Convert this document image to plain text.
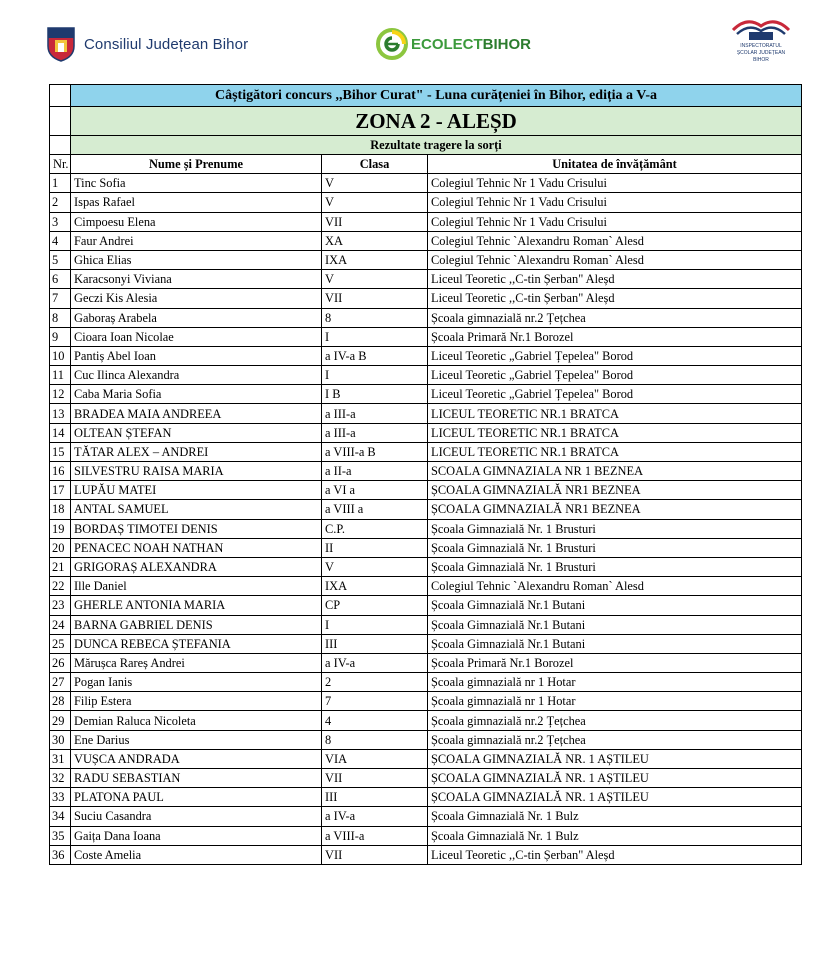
Consiliul Județean Bihor	ECOLECTBIHOR	INSPECTORATUL
ȘCOLAR JUDEȚEAN
BIHOR
	Câștigători concurs ,,Bihor Curat" - Luna curățeniei în Bihor, ediția a V-a		
	ZONA 2 - ALEȘD		
	Rezultate tragere la sorți		
Nr.	Nume și Prenume	Clasa	Unitatea de învățământ
1	Tinc Sofia	V	Colegiul Tehnic Nr 1 Vadu Crisului
2	Ispas Rafael	V	Colegiul Tehnic Nr 1 Vadu Crisului
3	Cimpoesu Elena	VII	Colegiul Tehnic Nr 1 Vadu Crisului
4	Faur Andrei	XA	Colegiul Tehnic `Alexandru Roman` Alesd
5	Ghica Elias	IXA	Colegiul Tehnic `Alexandru Roman` Alesd
6	Karacsonyi Viviana	V	Liceul Teoretic ,,C-tin Șerban" Aleșd
7	Geczi Kis Alesia	VII	Liceul Teoretic ,,C-tin Șerban" Aleșd
8	Gaboraș Arabela	8	Școala gimnazială nr.2 Țețchea
9	Cioara Ioan Nicolae	I	Școala Primară Nr.1 Borozel
10	Pantiș Abel Ioan	a IV-a B	Liceul Teoretic „Gabriel Țepelea" Borod
11	Cuc Ilinca Alexandra	I	Liceul Teoretic „Gabriel Țepelea" Borod
12	Caba Maria Sofia	I B	Liceul Teoretic „Gabriel Țepelea" Borod
13	BRADEA MAIA ANDREEA	a III-a	LICEUL TEORETIC NR.1 BRATCA
14	OLTEAN ȘTEFAN	a III-a	LICEUL TEORETIC NR.1 BRATCA
15	TĂTAR ALEX – ANDREI	a VIII-a B	LICEUL TEORETIC NR.1 BRATCA
16	SILVESTRU RAISA MARIA	a II-a	SCOALA GIMNAZIALA NR 1 BEZNEA
17	LUPĂU MATEI	a VI a	ȘCOALA GIMNAZIALĂ NR1 BEZNEA
18	ANTAL SAMUEL	a VIII a	ȘCOALA GIMNAZIALĂ NR1 BEZNEA
19	BORDAȘ TIMOTEI DENIS	C.P.	Școala Gimnazială Nr. 1 Brusturi
20	PENACEC NOAH NATHAN	II	Școala Gimnazială Nr. 1 Brusturi
21	GRIGORAȘ ALEXANDRA	V	Școala Gimnazială Nr. 1 Brusturi
22	Ille Daniel	IXA	Colegiul Tehnic `Alexandru Roman` Alesd
23	GHERLE ANTONIA MARIA	CP	Școala Gimnazială Nr.1 Butani
24	BARNA GABRIEL DENIS	I	Școala Gimnazială Nr.1 Butani
25	DUNCA REBECA ȘTEFANIA	III	Școala Gimnazială Nr.1 Butani
26	Mărușca Rareș Andrei	a IV-a	Școala Primară Nr.1 Borozel
27	Pogan Ianis	2	Școala gimnazială nr 1 Hotar
28	Filip Estera	7	Școala gimnazială nr 1 Hotar
29	Demian Raluca Nicoleta	4	Școala gimnazială nr.2 Țețchea
30	Ene Darius	8	Școala gimnazială nr.2 Țețchea
31	VUȘCA ANDRADA	VIA	ȘCOALA GIMNAZIALĂ NR. 1 AȘTILEU
32	RADU SEBASTIAN	VII	ȘCOALA GIMNAZIALĂ NR. 1 AȘTILEU
33	PLATONA PAUL	III	ȘCOALA GIMNAZIALĂ NR. 1 AȘTILEU
34	Suciu Casandra	a IV-a	Școala Gimnazială Nr. 1 Bulz
35	Gaița Dana Ioana	a VIII-a	Școala Gimnazială Nr. 1 Bulz
36	Coste Amelia	VII	Liceul Teoretic ,,C-tin Șerban" Aleșd
